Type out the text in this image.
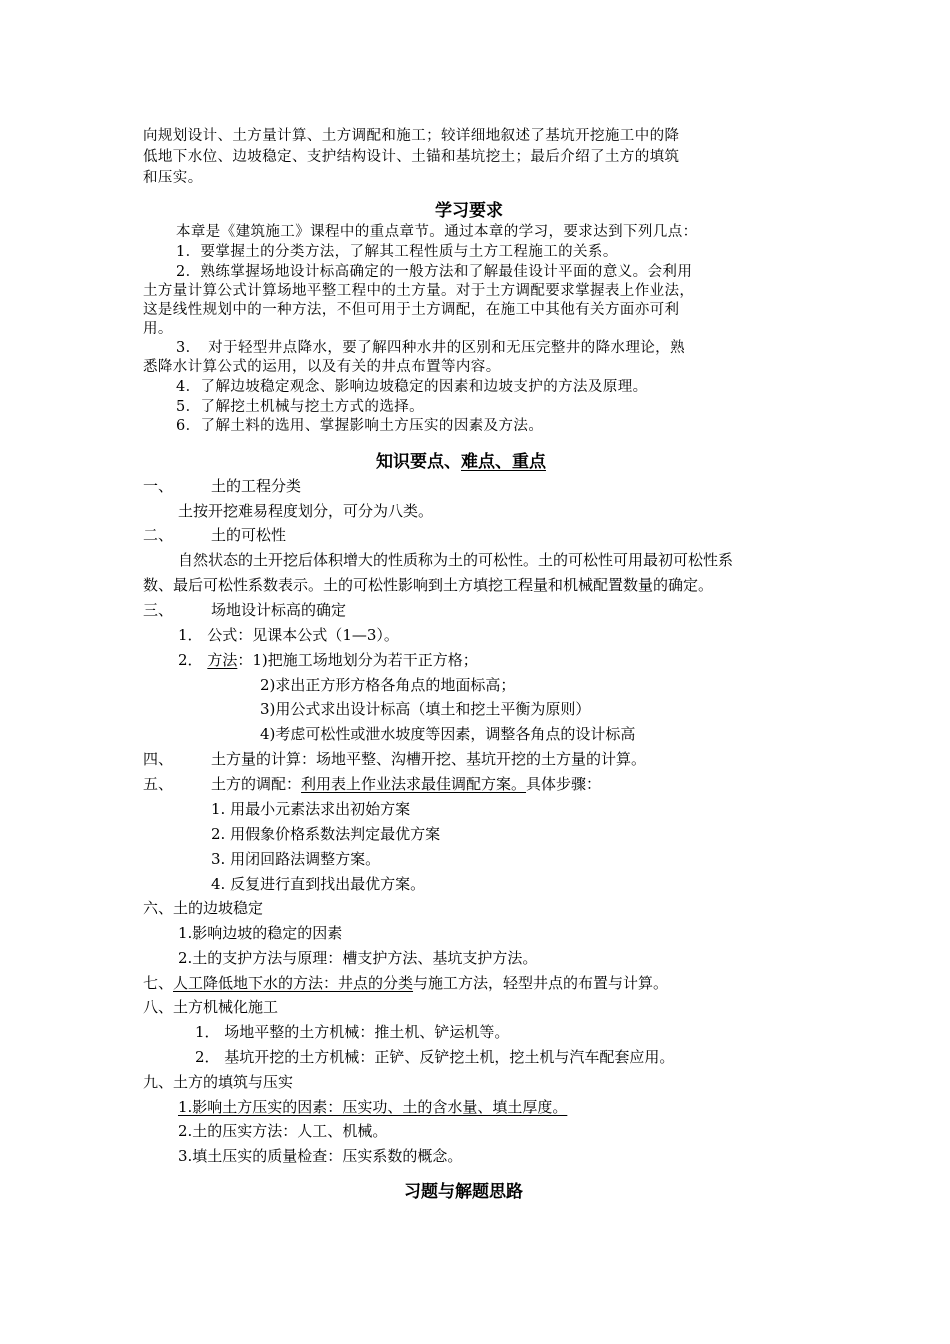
向规划设计、土方量计算、土方调配和施工；较详细地叙述了基坑开挖施工中的降
低地下水位、边坡稳定、支护结构设计、土锚和基坑挖土；最后介绍了土方的填筑
和压实。
学习要求
本章是《建筑施工》课程中的重点章节。通过本章的学习，要求达到下列几点：
1．要掌握土的分类方法，了解其工程性质与土方工程施工的关系。
2．熟练掌握场地设计标高确定的一般方法和了解最佳设计平面的意义。会利用
土方量计算公式计算场地平整工程中的土方量。对于土方调配要求掌握表上作业法，
这是线性规划中的一种方法，不但可用于土方调配，在施工中其他有关方面亦可利
用。
3．　对于轻型井点降水，要了解四种水井的区别和无压完整井的降水理论，熟
悉降水计算公式的运用，以及有关的井点布置等内容。
4．了解边坡稳定观念、影响边坡稳定的因素和边坡支护的方法及原理。
5．了解挖土机械与挖土方式的选择。
6．了解土料的选用、掌握影响土方压实的因素及方法。
知识要点、难点、重点
一、	土的工程分类
土按开挖难易程度划分，可分为八类。
二、	土的可松性
自然状态的土开挖后体积增大的性质称为土的可松性。土的可松性可用最初可松性系
数、最后可松性系数表示。土的可松性影响到土方填挖工程量和机械配置数量的确定。
三、	场地设计标高的确定
1． 公式：见课本公式（1—3）。
2． 方法：1)把施工场地划分为若干正方格；
2)求出正方形方格各角点的地面标高；
3)用公式求出设计标高（填土和挖土平衡为原则）
4)考虑可松性或泄水坡度等因素，调整各角点的设计标高
四、	土方量的计算：场地平整、沟槽开挖、基坑开挖的土方量的计算。
五、	土方的调配：利用表上作业法求最佳调配方案。具体步骤：
1. 用最小元素法求出初始方案
2. 用假象价格系数法判定最优方案
3. 用闭回路法调整方案。
4. 反复进行直到找出最优方案。
六、土的边坡稳定
1.影响边坡的稳定的因素
2.土的支护方法与原理：槽支护方法、基坑支护方法。
七、人工降低地下水的方法：井点的分类与施工方法，轻型井点的布置与计算。
八、土方机械化施工
1． 场地平整的土方机械：推土机、铲运机等。
2． 基坑开挖的土方机械：正铲、反铲挖土机，挖土机与汽车配套应用。
九、土方的填筑与压实
1.影响土方压实的因素：压实功、土的含水量、填土厚度。
2.土的压实方法：人工、机械。
3.填土压实的质量检查：压实系数的概念。
习题与解题思路
